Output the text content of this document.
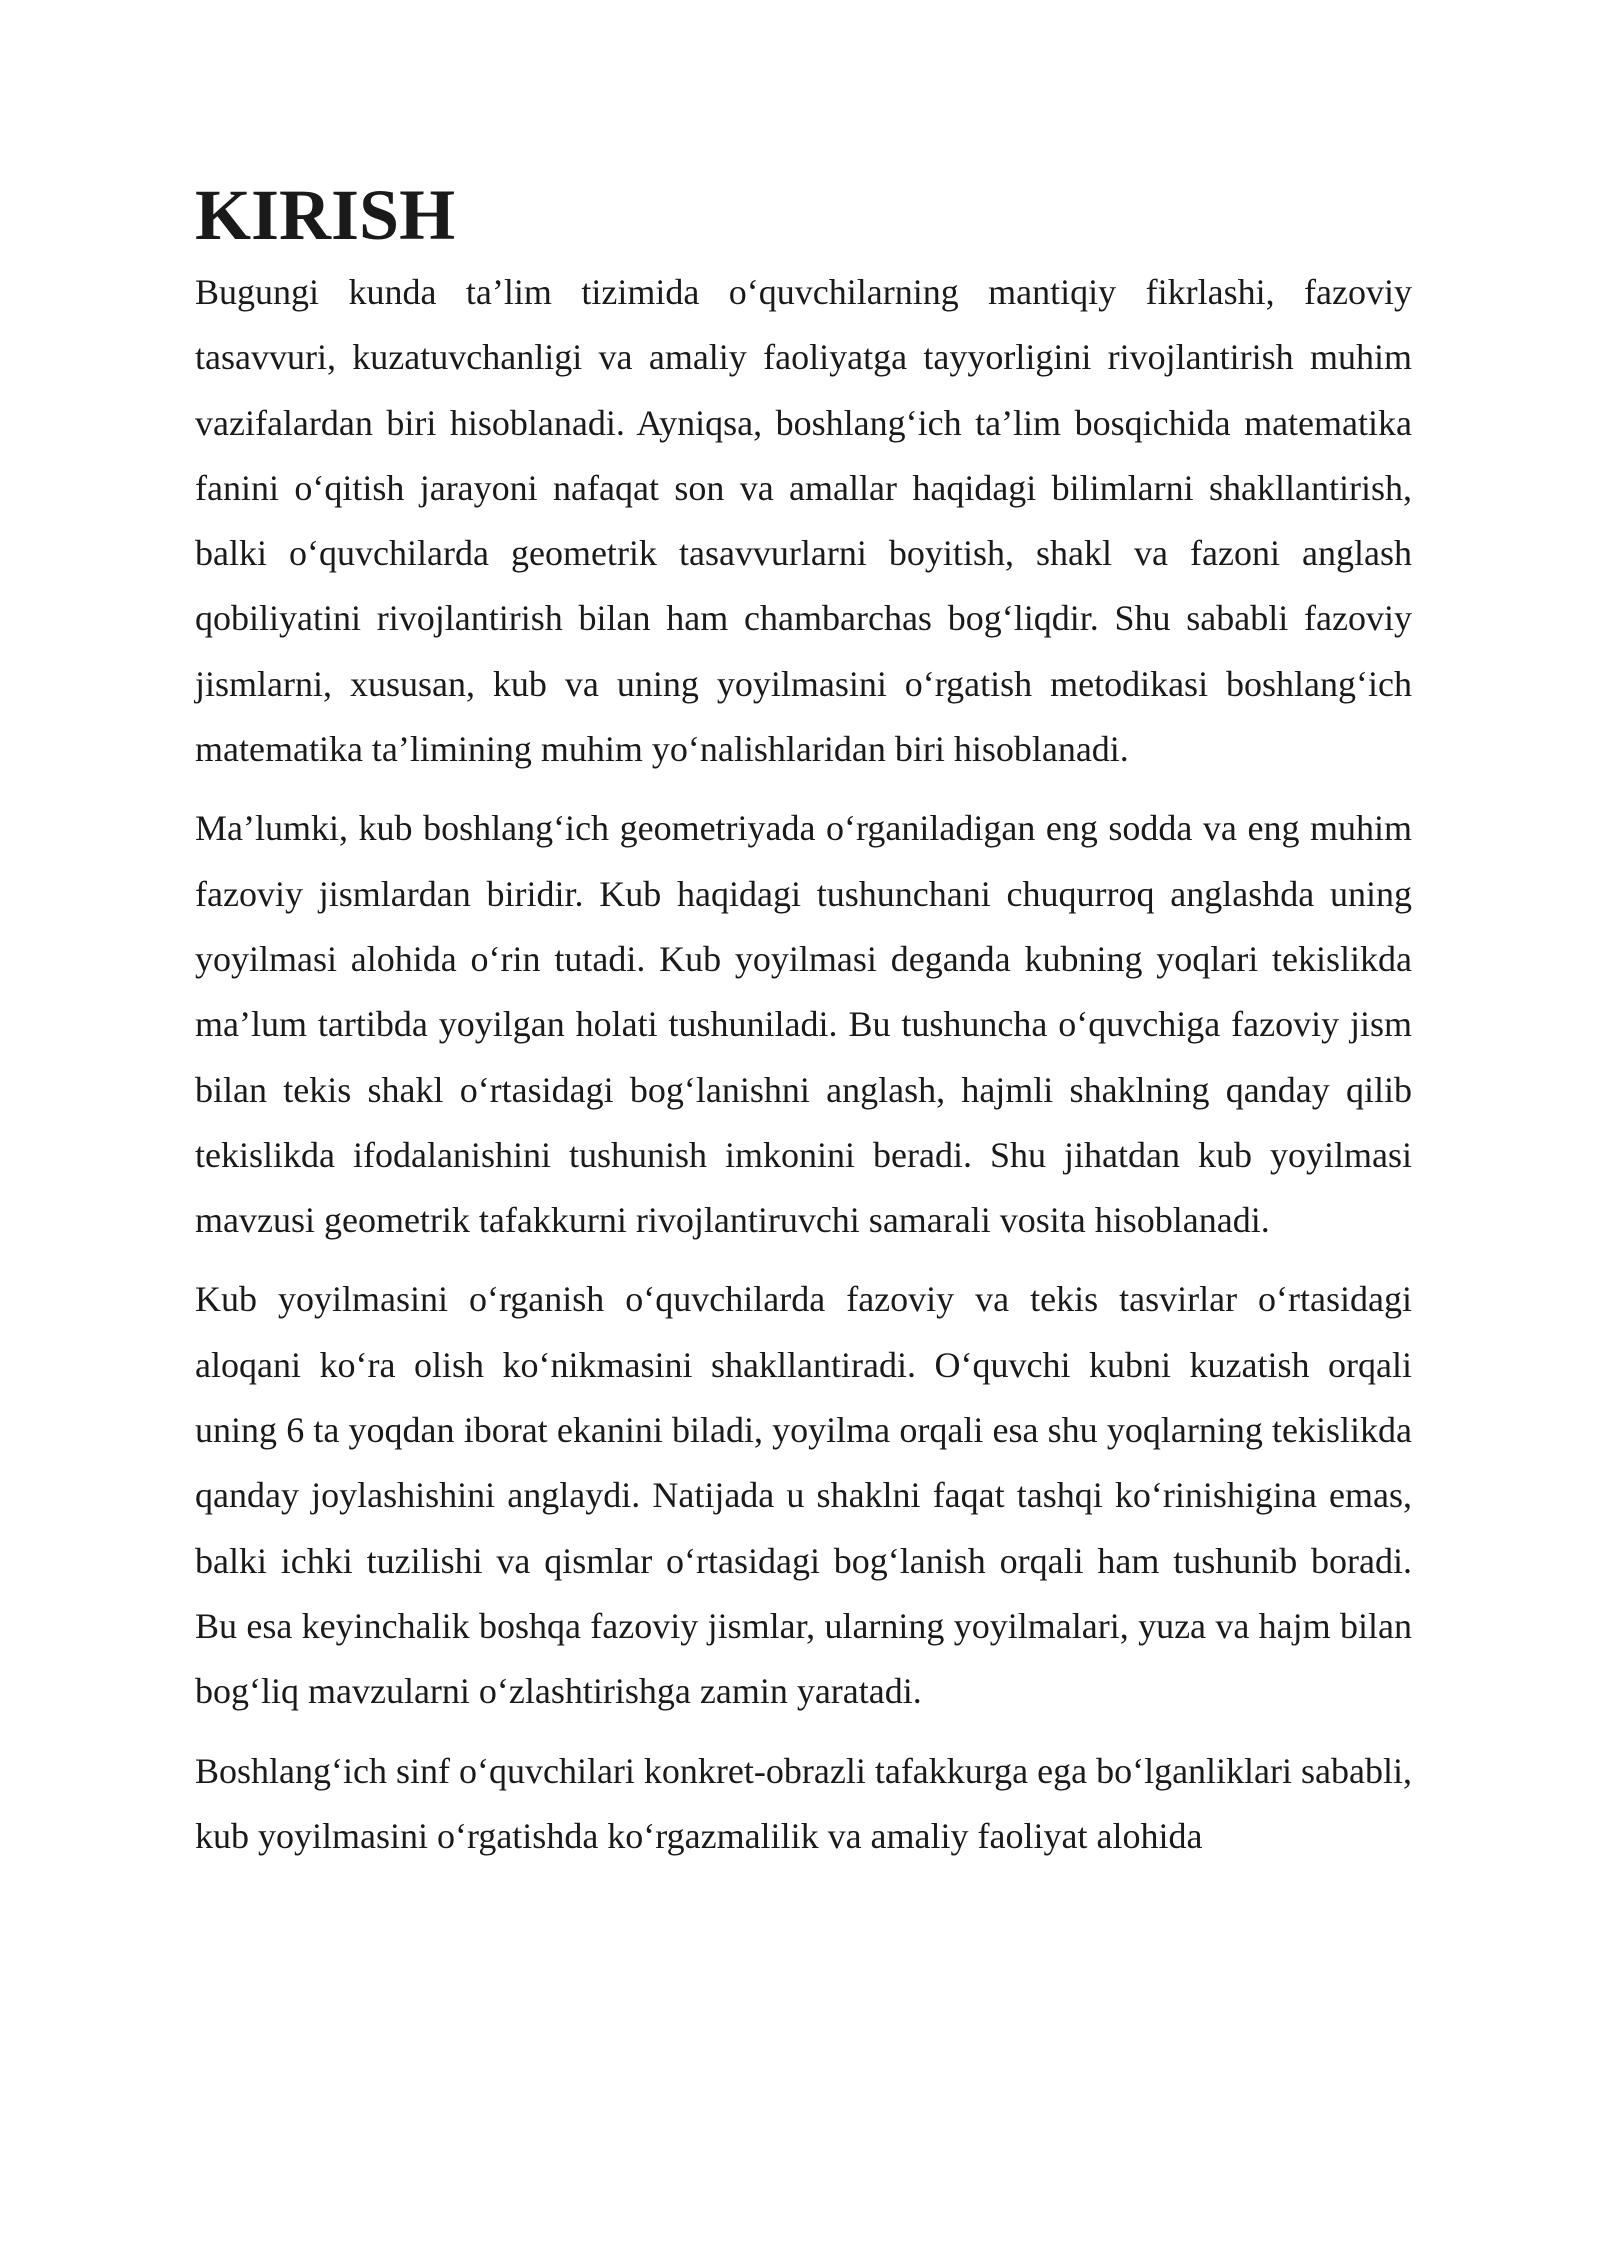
KIRISH

Bugungi kunda ta’lim tizimida o‘quvchilarning mantiqiy fikrlashi, fazoviy tasavvuri, kuzatuvchanligi va amaliy faoliyatga tayyorligini rivojlantirish muhim vazifalardan biri hisoblanadi. Ayniqsa, boshlang‘ich ta’lim bosqichida matematika fanini o‘qitish jarayoni nafaqat son va amallar haqidagi bilimlarni shakllantirish, balki o‘quvchilarda geometrik tasavvurlarni boyitish, shakl va fazoni anglash qobiliyatini rivojlantirish bilan ham chambarchas bog‘liqdir. Shu sababli fazoviy jismlarni, xususan, kub va uning yoyilmasini o‘rgatish metodikasi boshlang‘ich matematika ta’limining muhim yo‘nalishlaridan biri hisoblanadi.

Ma’lumki, kub boshlang‘ich geometriyada o‘rganiladigan eng sodda va eng muhim fazoviy jismlardan biridir. Kub haqidagi tushunchani chuqurroq anglashda uning yoyilmasi alohida o‘rin tutadi. Kub yoyilmasi deganda kubning yoqlari tekislikda ma’lum tartibda yoyilgan holati tushuniladi. Bu tushuncha o‘quvchiga fazoviy jism bilan tekis shakl o‘rtasidagi bog‘lanishni anglash, hajmli shaklning qanday qilib tekislikda ifodalanishini tushunish imkonini beradi. Shu jihatdan kub yoyilmasi mavzusi geometrik tafakkurni rivojlantiruvchi samarali vosita hisoblanadi.

Kub yoyilmasini o‘rganish o‘quvchilarda fazoviy va tekis tasvirlar o‘rtasidagi aloqani ko‘ra olish ko‘nikmasini shakllantiradi. O‘quvchi kubni kuzatish orqali uning 6 ta yoqdan iborat ekanini biladi, yoyilma orqali esa shu yoqlarning tekislikda qanday joylashishini anglaydi. Natijada u shaklni faqat tashqi ko‘rinishigina emas, balki ichki tuzilishi va qismlar o‘rtasidagi bog‘lanish orqali ham tushunib boradi. Bu esa keyinchalik boshqa fazoviy jismlar, ularning yoyilmalari, yuza va hajm bilan bog‘liq mavzularni o‘zlashtirishga zamin yaratadi.

Boshlang‘ich sinf o‘quvchilari konkret-obrazli tafakkurga ega bo‘lganliklari sababli, kub yoyilmasini o‘rgatishda ko‘rgazmalilik va amaliy faoliyat alohida
